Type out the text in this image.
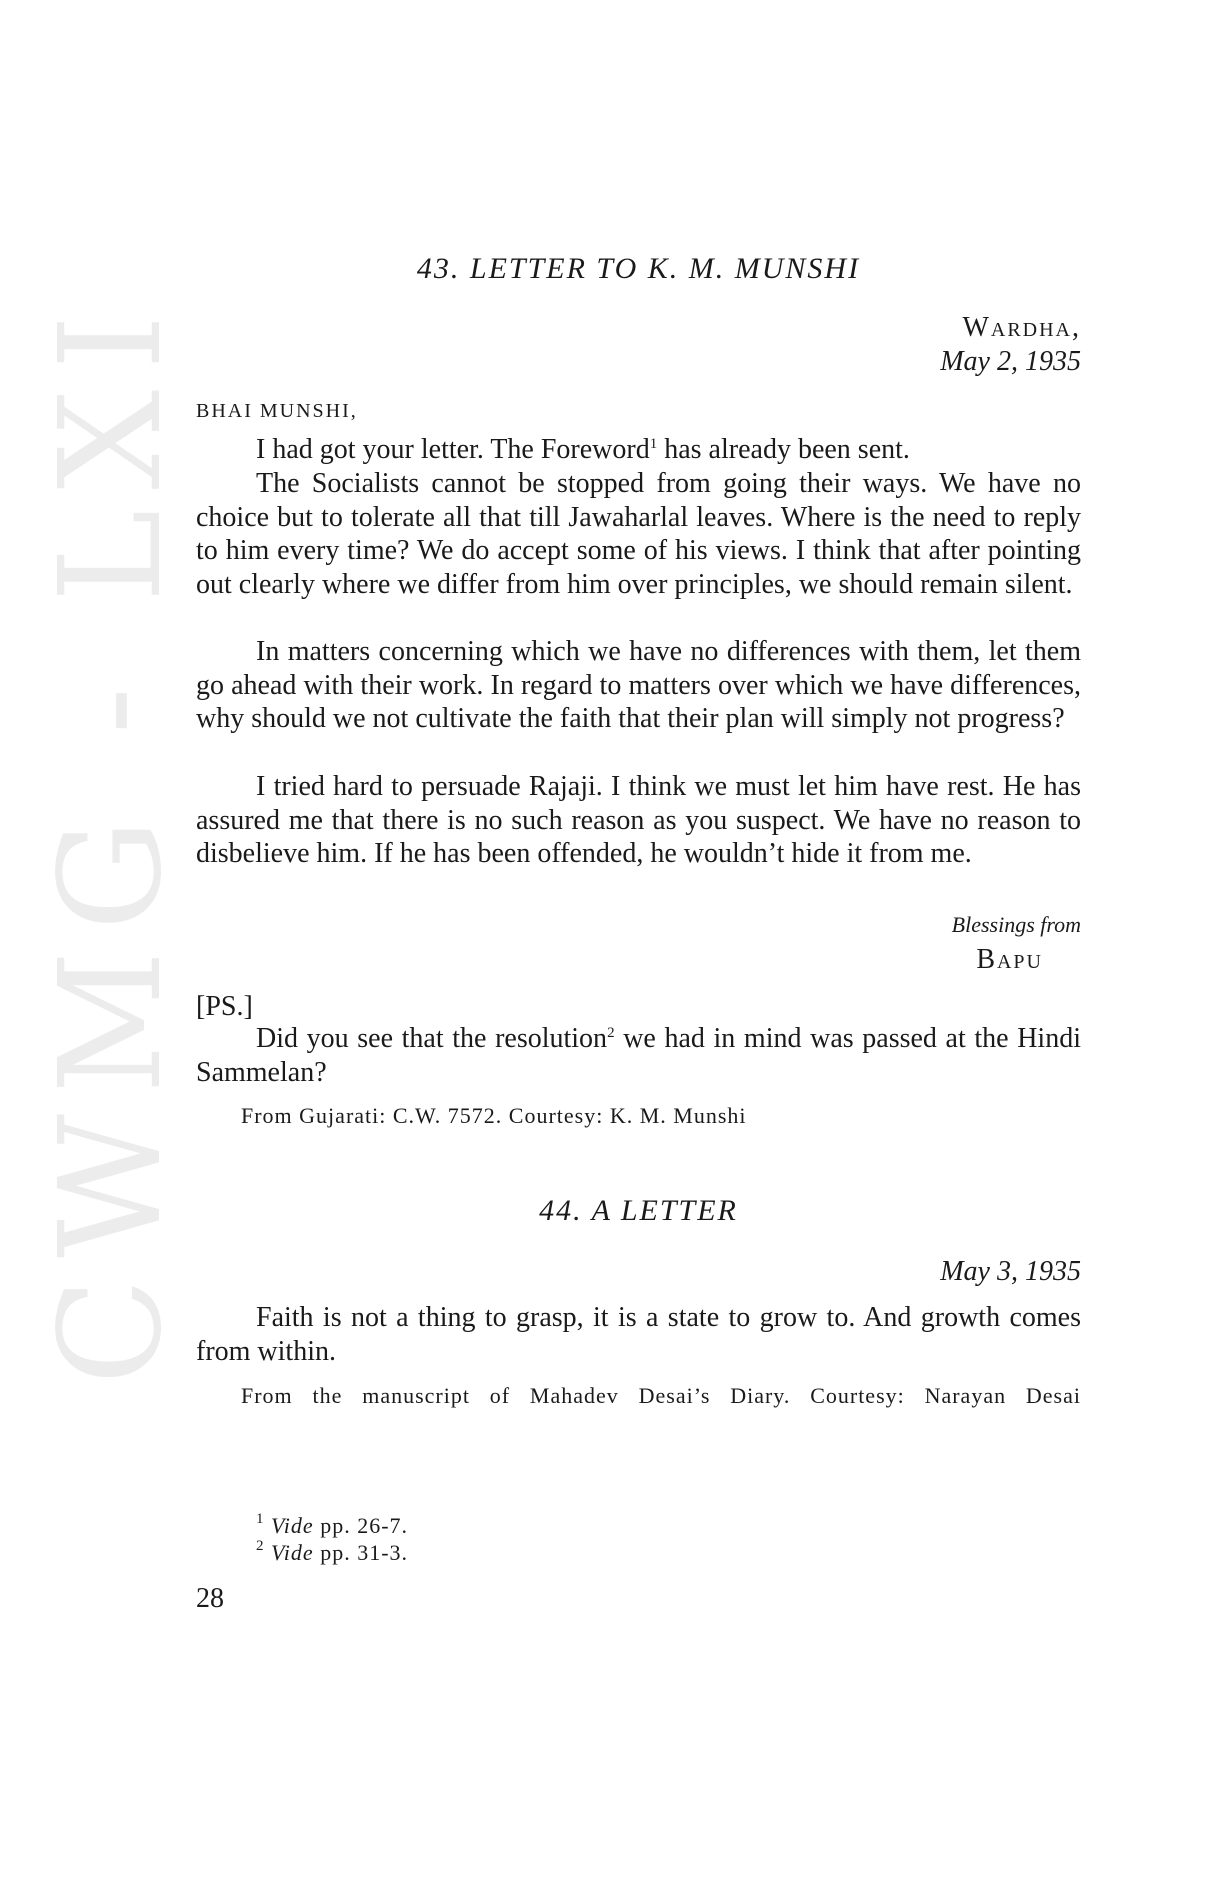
CWMG - LXI
43. LETTER TO K. M. MUNSHI
Wardha,
May 2, 1935
BHAI MUNSHI,

I had got your letter. The Foreword$^1$ has already been sent.

The Socialists cannot be stopped from going their ways. We have no choice but to tolerate all that till Jawaharlal leaves. Where is the need to reply to him every time? We do accept some of his views. I think that after pointing out clearly where we differ from him over principles, we should remain silent.

In matters concerning which we have no differences with them, let them go ahead with their work. In regard to matters over which we have differences, why should we not cultivate the faith that their plan will simply not progress?

I tried hard to persuade Rajaji. I think we must let him have rest. He has assured me that there is no such reason as you suspect. We have no reason to disbelieve him. If he has been offended, he wouldn’t hide it from me.

Blessings from
Bapu
[PS.]

Did you see that the resolution$^2$ we had in mind was passed at the Hindi Sammelan?

From Gujarati: C.W. 7572. Courtesy: K. M. Munshi
44. A LETTER
May 3, 1935

Faith is not a thing to grasp, it is a state to grow to. And growth comes from within.

From the manuscript of Mahadev Desai’s Diary. Courtesy: Narayan Desai
$^1$ Vide pp. 26-7.
$^2$ Vide pp. 31-3.
28
